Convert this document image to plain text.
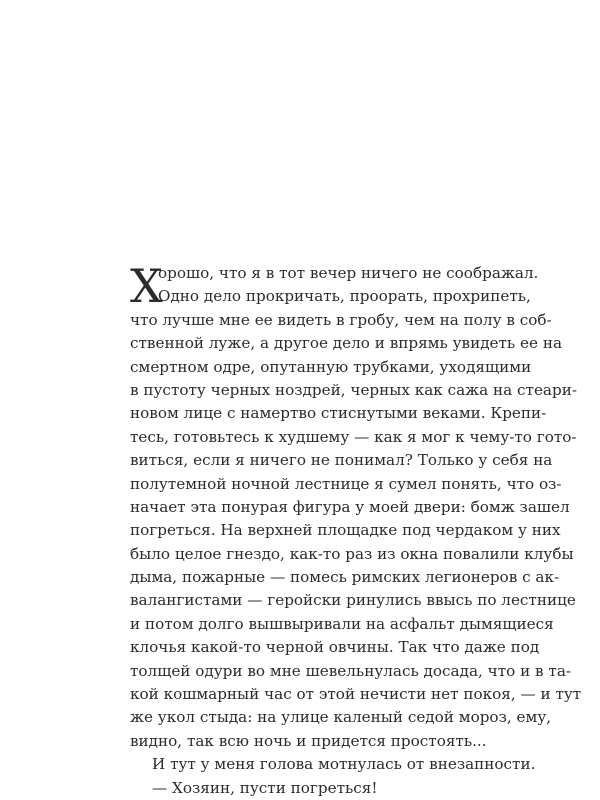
Х
орошо, что я в тот вечер ничего не соображал.
Одно дело прокричать, проорать, прохрипеть,
что лучше мне ее видеть в гробу, чем на полу в соб-
ственной луже, а другое дело и впрямь увидеть ее на
смертном одре, опутанную трубками, уходящими
в пустоту черных ноздрей, черных как сажа на стеари-
новом лице с намертво стиснутыми веками. Крепи-
тесь, готовьтесь к худшему — как я мог к чему-то гото-
виться, если я ничего не понимал? Только у себя на
полутемной ночной лестнице я сумел понять, что оз-
начает эта понурая фигура у моей двери: бомж зашел
погреться. На верхней площадке под чердаком у них
было целое гнездо, как-то раз из окна повалили клубы
дыма, пожарные — помесь римских легионеров с ак-
валангистами — геройски ринулись ввысь по лестнице
и потом долго вышвыривали на асфальт дымящиеся
клочья какой-то черной овчины. Так что даже под
толщей одури во мне шевельнулась досада, что и в та-
кой кошмарный час от этой нечисти нет покоя, — и тут
же укол стыда: на улице каленый седой мороз, ему,
видно, так всю ночь и придется простоять...
И тут у меня голова мотнулась от внезапности.
— Хозяин, пусти погреться!
